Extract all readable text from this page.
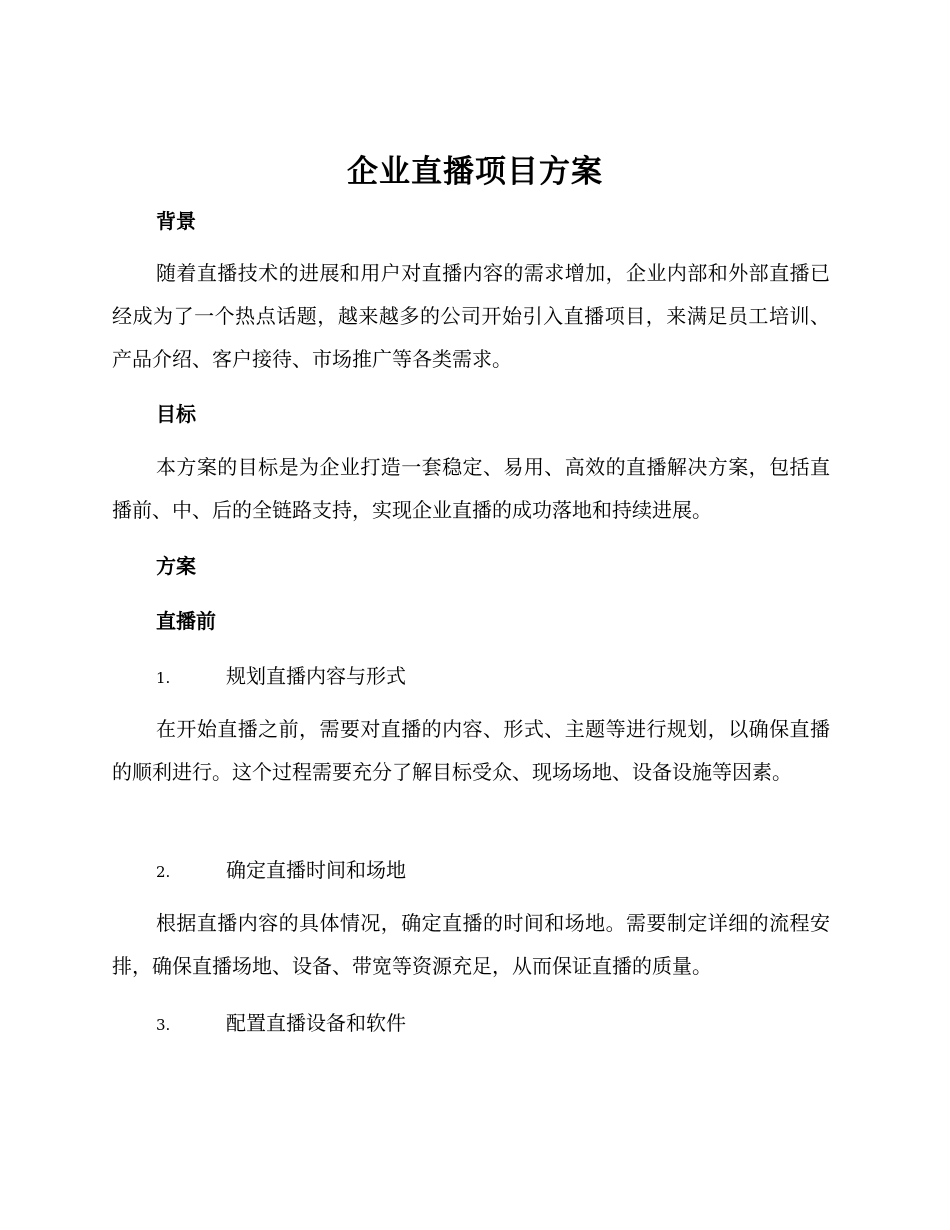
企业直播项目方案
背景

随着直播技术的进展和用户对直播内容的需求增加，企业内部和外部直播已经成为了一个热点话题，越来越多的公司开始引入直播项目，来满足员工培训、产品介绍、客户接待、市场推广等各类需求。

目标

本方案的目标是为企业打造一套稳定、易用、高效的直播解决方案，包括直播前、中、后的全链路支持，实现企业直播的成功落地和持续进展。

方案
直播前

1.	规划直播内容与形式

在开始直播之前，需要对直播的内容、形式、主题等进行规划，以确保直播的顺利进行。这个过程需要充分了解目标受众、现场场地、设备设施等因素。

2.	确定直播时间和场地

根据直播内容的具体情况，确定直播的时间和场地。需要制定详细的流程安排，确保直播场地、设备、带宽等资源充足，从而保证直播的质量。

3.	配置直播设备和软件
